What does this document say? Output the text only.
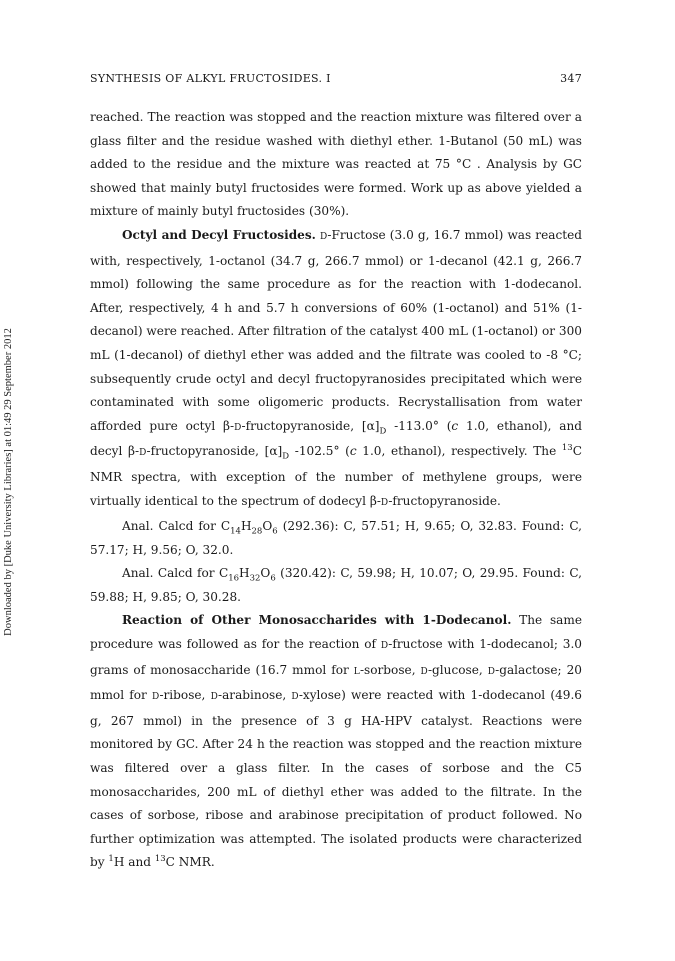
SYNTHESIS OF ALKYL FRUCTOSIDES. I	347
Downloaded by [Duke University Libraries] at 01:49 29 September 2012

reached. The reaction was stopped and the reaction mixture was filtered over a glass filter and the residue washed with diethyl ether. 1-Butanol (50 mL) was added to the residue and the mixture was reacted at 75 °C . Analysis by GC showed that mainly butyl fructosides were formed. Work up as above yielded a mixture of mainly butyl fructosides (30%).

Octyl and Decyl Fructosides. D-Fructose (3.0 g, 16.7 mmol) was reacted with, respectively, 1-octanol (34.7 g, 266.7 mmol) or 1-decanol (42.1 g, 266.7 mmol) following the same procedure as for the reaction with 1-dodecanol. After, respectively, 4 h and 5.7 h conversions of 60% (1-octanol) and 51% (1-decanol) were reached. After filtration of the catalyst 400 mL (1-octanol) or 300 mL (1-decanol) of diethyl ether was added and the filtrate was cooled to -8 °C; subsequently crude octyl and decyl fructopyranosides precipitated which were contaminated with some oligomeric products. Recrystallisation from water afforded pure octyl β-D-fructopyranoside, $[\alpha]_D$ -113.0° (c 1.0, ethanol), and decyl β-D-fructopyranoside, $[\alpha]_D$ -102.5° (c 1.0, ethanol), respectively. The $^{13}$C NMR spectra, with exception of the number of methylene groups, were virtually identical to the spectrum of dodecyl β-D-fructopyranoside.

Anal. Calcd for $C_{14}H_{28}O_6$ (292.36): C, 57.51; H, 9.65; O, 32.83. Found: C, 57.17; H, 9.56; O, 32.0.

Anal. Calcd for $C_{16}H_{32}O_6$ (320.42): C, 59.98; H, 10.07; O, 29.95. Found: C, 59.88; H, 9.85; O, 30.28.

Reaction of Other Monosaccharides with 1-Dodecanol. The same procedure was followed as for the reaction of D-fructose with 1-dodecanol; 3.0 grams of monosaccharide (16.7 mmol for L-sorbose, D-glucose, D-galactose; 20 mmol for D-ribose, D-arabinose, D-xylose) were reacted with 1-dodecanol (49.6 g, 267 mmol) in the presence of 3 g HA-HPV catalyst. Reactions were monitored by GC. After 24 h the reaction was stopped and the reaction mixture was filtered over a glass filter. In the cases of sorbose and the C5 monosaccharides, 200 mL of diethyl ether was added to the filtrate. In the cases of sorbose, ribose and arabinose precipitation of product followed. No further optimization was attempted. The isolated products were characterized by $^1$H and $^{13}$C NMR.
